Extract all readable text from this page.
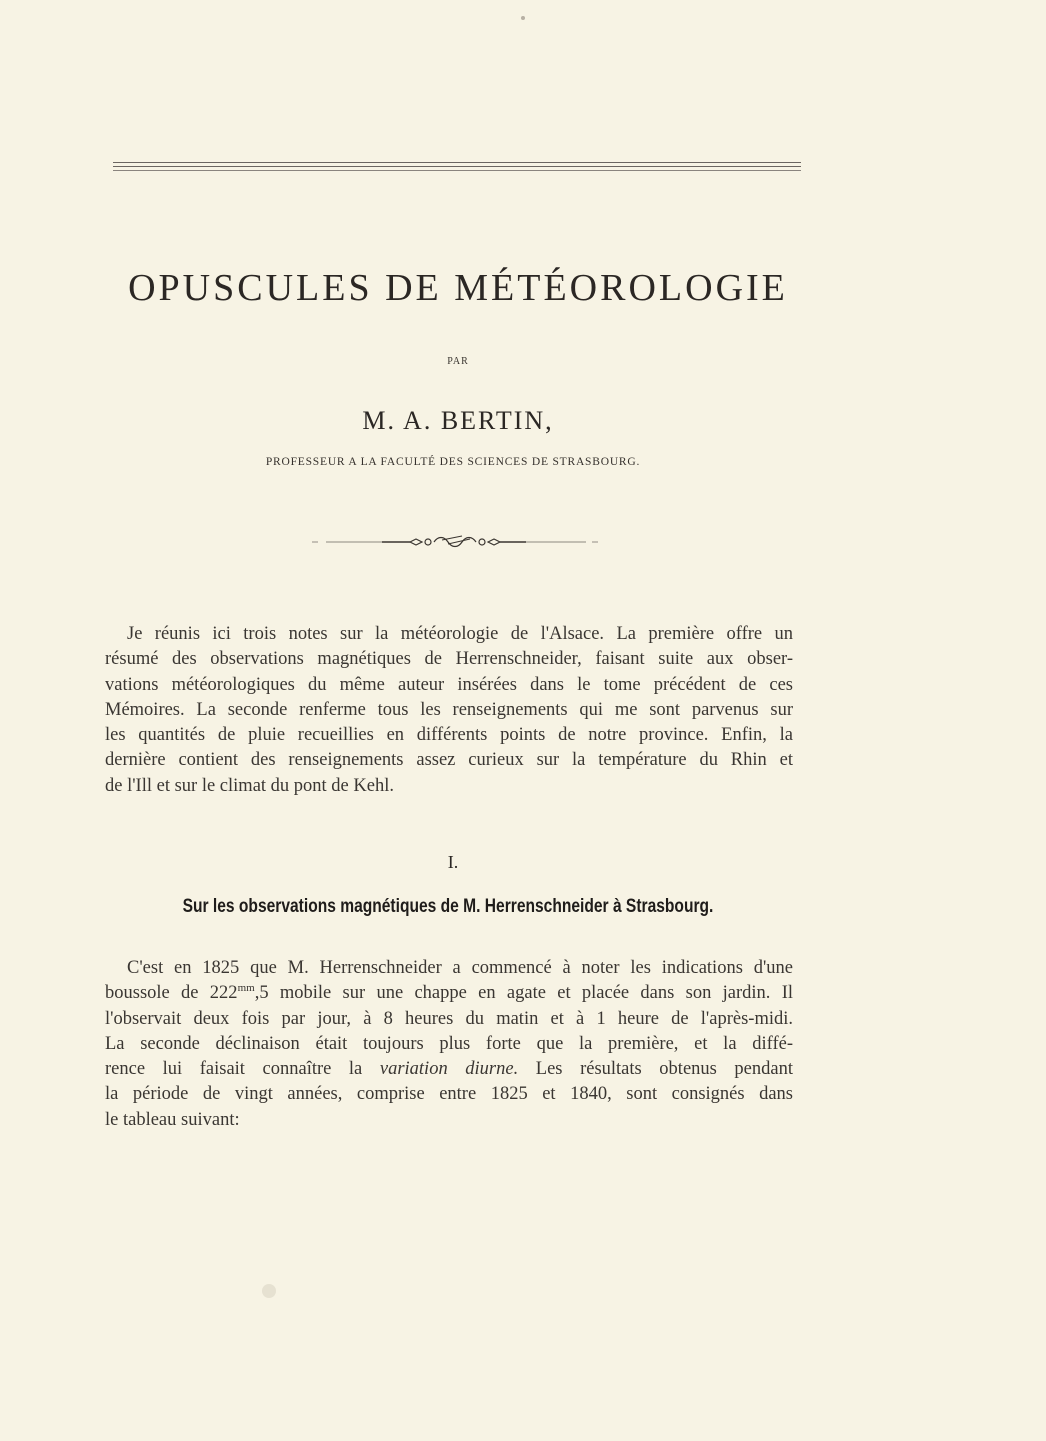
OPUSCULES DE MÉTÉOROLOGIE
PAR
M. A. BERTIN,
PROFESSEUR A LA FACULTÉ DES SCIENCES DE STRASBOURG.
Je réunis ici trois notes sur la météorologie de l'Alsace. La première offre un
résumé des observations magnétiques de Herrenschneider, faisant suite aux obser-
vations météorologiques du même auteur insérées dans le tome précédent de ces
Mémoires. La seconde renferme tous les renseignements qui me sont parvenus sur
les quantités de pluie recueillies en différents points de notre province. Enfin, la
dernière contient des renseignements assez curieux sur la température du Rhin et
de l'Ill et sur le climat du pont de Kehl.
I.
Sur les observations magnétiques de M. Herrenschneider à Strasbourg.
C'est en 1825 que M. Herrenschneider a commencé à noter les indications d'une
boussole de $222^{mm},5$ mobile sur une chappe en agate et placée dans son jardin. Il
l'observait deux fois par jour, à 8 heures du matin et à 1 heure de l'après-midi.
La seconde déclinaison était toujours plus forte que la première, et la diffé-
rence lui faisait connaître la variation diurne. Les résultats obtenus pendant
la période de vingt années, comprise entre 1825 et 1840, sont consignés dans
le tableau suivant:
